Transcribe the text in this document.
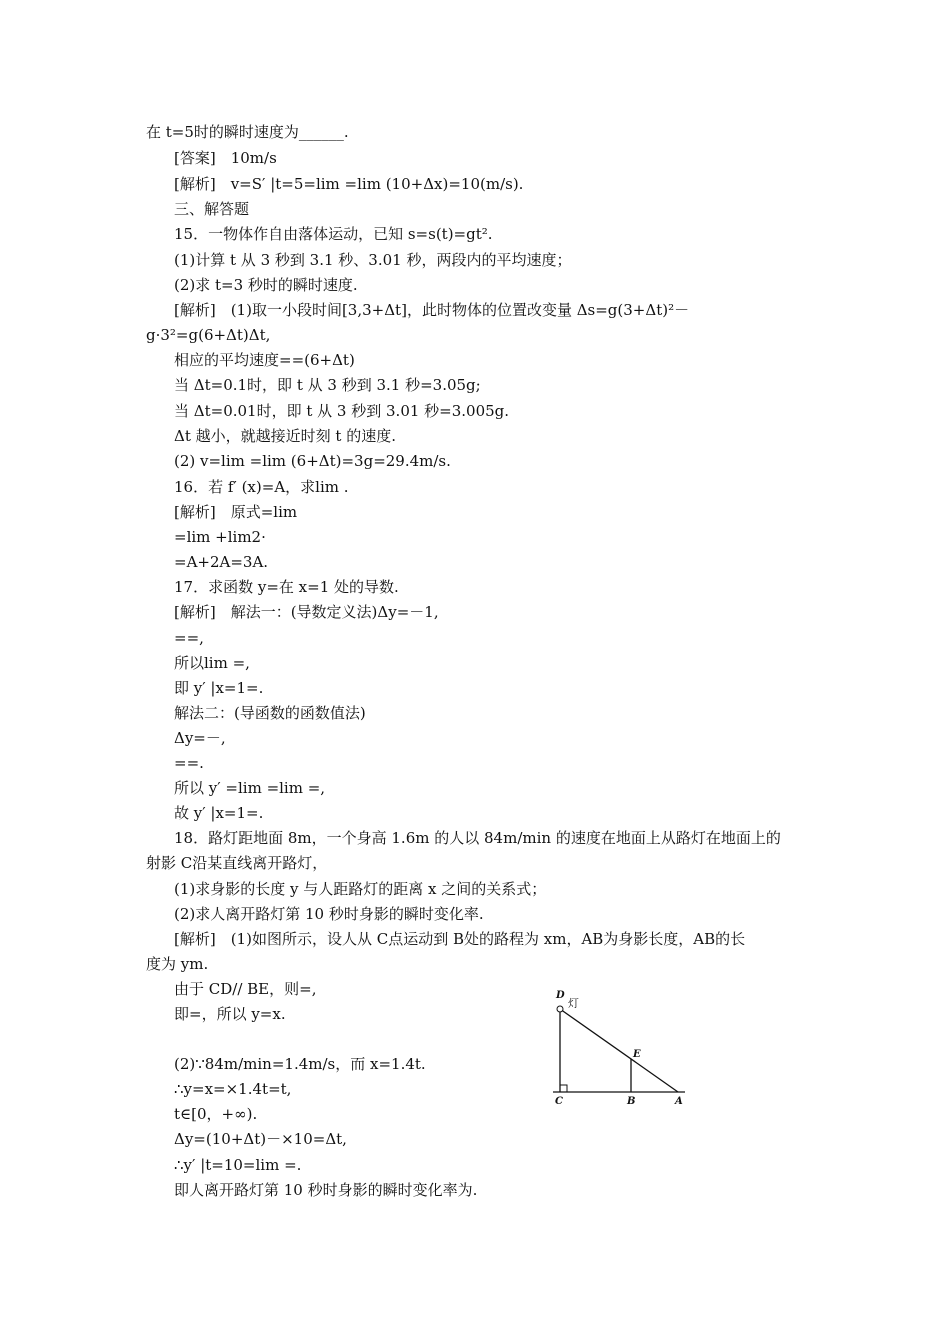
在 t=5时的瞬时速度为______.
[答案]　10m/s
[解析]　v=S′ |t=5=lim =lim (10+Δx)=10(m/s).
三、解答题
15．一物体作自由落体运动，已知 s=s(t)=gt².
(1)计算 t 从 3 秒到 3.1 秒、3.01 秒，两段内的平均速度；
(2)求 t=3 秒时的瞬时速度.
[解析]　(1)取一小段时间[3,3+Δt]，此时物体的位置改变量 Δs=g(3+Δt)²－
g·3²=g(6+Δt)Δt,
相应的平均速度==(6+Δt)
当 Δt=0.1时，即 t 从 3 秒到 3.1 秒=3.05g;
当 Δt=0.01时，即 t 从 3 秒到 3.01 秒=3.005g.
Δt 越小，就越接近时刻 t 的速度.
(2) v=lim =lim (6+Δt)=3g=29.4m/s.
16．若 f′ (x)=A，求lim .
[解析]　原式=lim
=lim +lim2·
=A+2A=3A.
17．求函数 y=在 x=1 处的导数.
[解析]　解法一：(导数定义法)Δy=－1,
==,
所以lim =,
即 y′ |x=1=.
解法二：(导函数的函数值法)
Δy=－,
==.
所以 y′ =lim =lim =,
故 y′ |x=1=.
18．路灯距地面 8m，一个身高 1.6m 的人以 84m/min 的速度在地面上从路灯在地面上的
射影 C沿某直线离开路灯，
(1)求身影的长度 y 与人距路灯的距离 x 之间的关系式；
(2)求人离开路灯第 10 秒时身影的瞬时变化率.
[解析]　(1)如图所示，设人从 C点运动到 B处的路程为 xm，AB为身影长度，AB的长
度为 ym.
由于 CD// BE，则=,
即=，所以 y=x.
(2)∵84m/min=1.4m/s，而 x=1.4t.
∴y=x=×1.4t=t,
t∈[0，+∞).
Δy=(10+Δt)－×10=Δt,
∴y′ |t=10=lim =.
即人离开路灯第 10 秒时身影的瞬时变化率为.
D
灯
E
C	B	A
